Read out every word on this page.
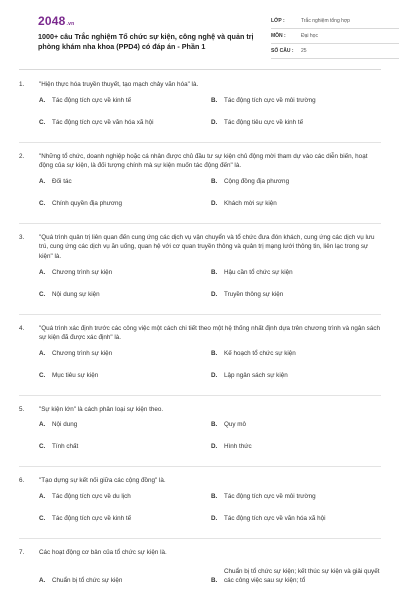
2048.vn
1000+ câu Trắc nghiệm Tổ chức sự kiện, công nghệ và quản trị phòng khám nha khoa (PPD4) có đáp án - Phần 1
LỚP :	Trắc nghiệm tổng hợp
MÔN :	Đại học
SỐ CÂU :	25
1.	"Hiện thực hóa truyền thuyết, tạo mạch chảy văn hóa" là.
A.	Tác động tích cực về kinh tế	B.	Tác động tích cực về môi trường
C.	Tác động tích cực về văn hóa xã hội	D.	Tác động tiêu cực về kinh tế
2.	"Những tổ chức, doanh nghiệp hoặc cá nhân được chủ đầu tư sự kiện chủ động mời tham dự vào các diễn biến, hoạt động của sự kiện, là đối tượng chính mà sự kiện muốn tác động đến" là.
A.	Đối tác	B.	Cộng đồng địa phương
C.	Chính quyền địa phương	D.	Khách mời sự kiện
3.	"Quá trình quản trị liên quan đến cung ứng các dịch vụ vận chuyển và tổ chức đưa đón khách, cung ứng các dịch vụ lưu trú, cung ứng các dịch vụ ăn uống, quan hệ với cơ quan truyền thông và quản trị mạng lưới thông tin, liên lạc trong sự kiện" là.
A.	Chương trình sự kiện	B.	Hậu cần tổ chức sự kiện
C.	Nội dung sự kiện	D.	Truyền thông sự kiện
4.	"Quá trình xác định trước các công việc một cách chi tiết theo một hệ thống nhất định dựa trên chương trình và ngân sách sự kiện đã được xác định" là.
A.	Chương trình sự kiện	B.	Kế hoạch tổ chức sự kiện
C.	Mục tiêu sự kiện	D.	Lập ngân sách sự kiện
5.	"Sự kiện lớn" là cách phân loại sự kiện theo.
A.	Nội dung	B.	Quy mô
C.	Tính chất	D.	Hình thức
6.	"Tạo dựng sự kết nối giữa các cộng đồng" là.
A.	Tác động tích cực về du lịch	B.	Tác động tích cực về môi trường
C.	Tác động tích cực về kinh tế	D.	Tác động tích cực về văn hóa xã hội
7.	Các hoạt động cơ bản của tổ chức sự kiện là.
A.	Chuẩn bị tổ chức sự kiện	B.
Chuẩn bị tổ chức sự kiện; kết thúc sự kiện và giải quyết các công việc sau sự kiện; tổ
